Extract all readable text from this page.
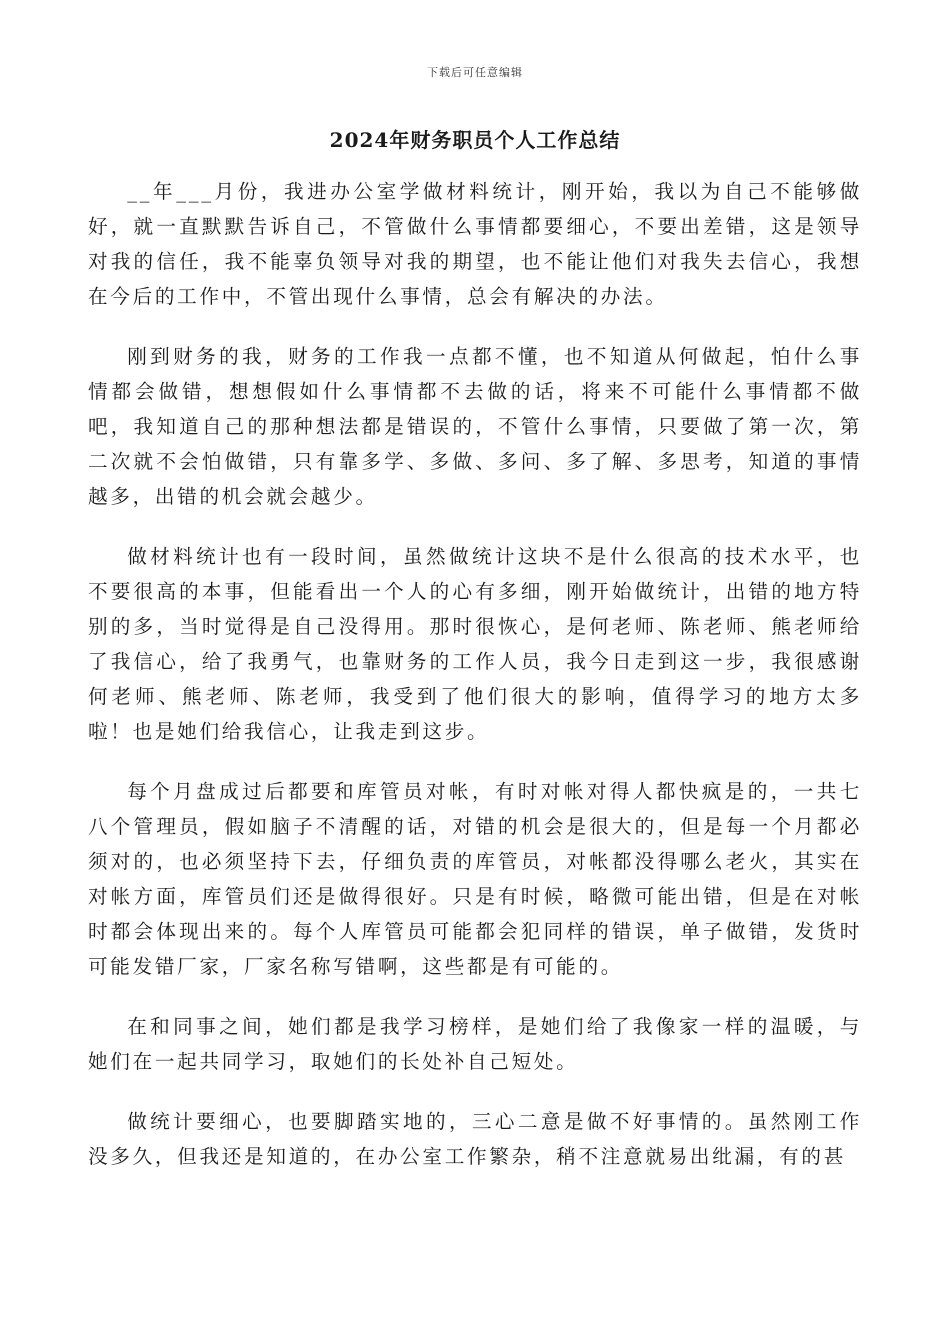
下载后可任意编辑
2024年财务职员个人工作总结

__年___月份，我进办公室学做材料统计，刚开始，我以为自己不能够做好，就一直默默告诉自己，不管做什么事情都要细心，不要出差错，这是领导对我的信任，我不能辜负领导对我的期望，也不能让他们对我失去信心，我想在今后的工作中，不管出现什么事情，总会有解决的办法。

刚到财务的我，财务的工作我一点都不懂，也不知道从何做起，怕什么事情都会做错，想想假如什么事情都不去做的话，将来不可能什么事情都不做吧，我知道自己的那种想法都是错误的，不管什么事情，只要做了第一次，第二次就不会怕做错，只有靠多学、多做、多问、多了解、多思考，知道的事情越多，出错的机会就会越少。

做材料统计也有一段时间，虽然做统计这块不是什么很高的技术水平，也不要很高的本事，但能看出一个人的心有多细，刚开始做统计，出错的地方特别的多，当时觉得是自己没得用。那时很恢心，是何老师、陈老师、熊老师给了我信心，给了我勇气，也靠财务的工作人员，我今日走到这一步，我很感谢何老师、熊老师、陈老师，我受到了他们很大的影响，值得学习的地方太多啦！也是她们给我信心，让我走到这步。

每个月盘成过后都要和库管员对帐，有时对帐对得人都快疯是的，一共七八个管理员，假如脑子不清醒的话，对错的机会是很大的，但是每一个月都必须对的，也必须坚持下去，仔细负责的库管员，对帐都没得哪么老火，其实在对帐方面，库管员们还是做得很好。只是有时候，略微可能出错，但是在对帐时都会体现出来的。每个人库管员可能都会犯同样的错误，单子做错，发货时可能发错厂家，厂家名称写错啊，这些都是有可能的。

在和同事之间，她们都是我学习榜样，是她们给了我像家一样的温暖，与她们在一起共同学习，取她们的长处补自己短处。

做统计要细心，也要脚踏实地的，三心二意是做不好事情的。虽然刚工作没多久，但我还是知道的，在办公室工作繁杂，稍不注意就易出纰漏，有的甚
